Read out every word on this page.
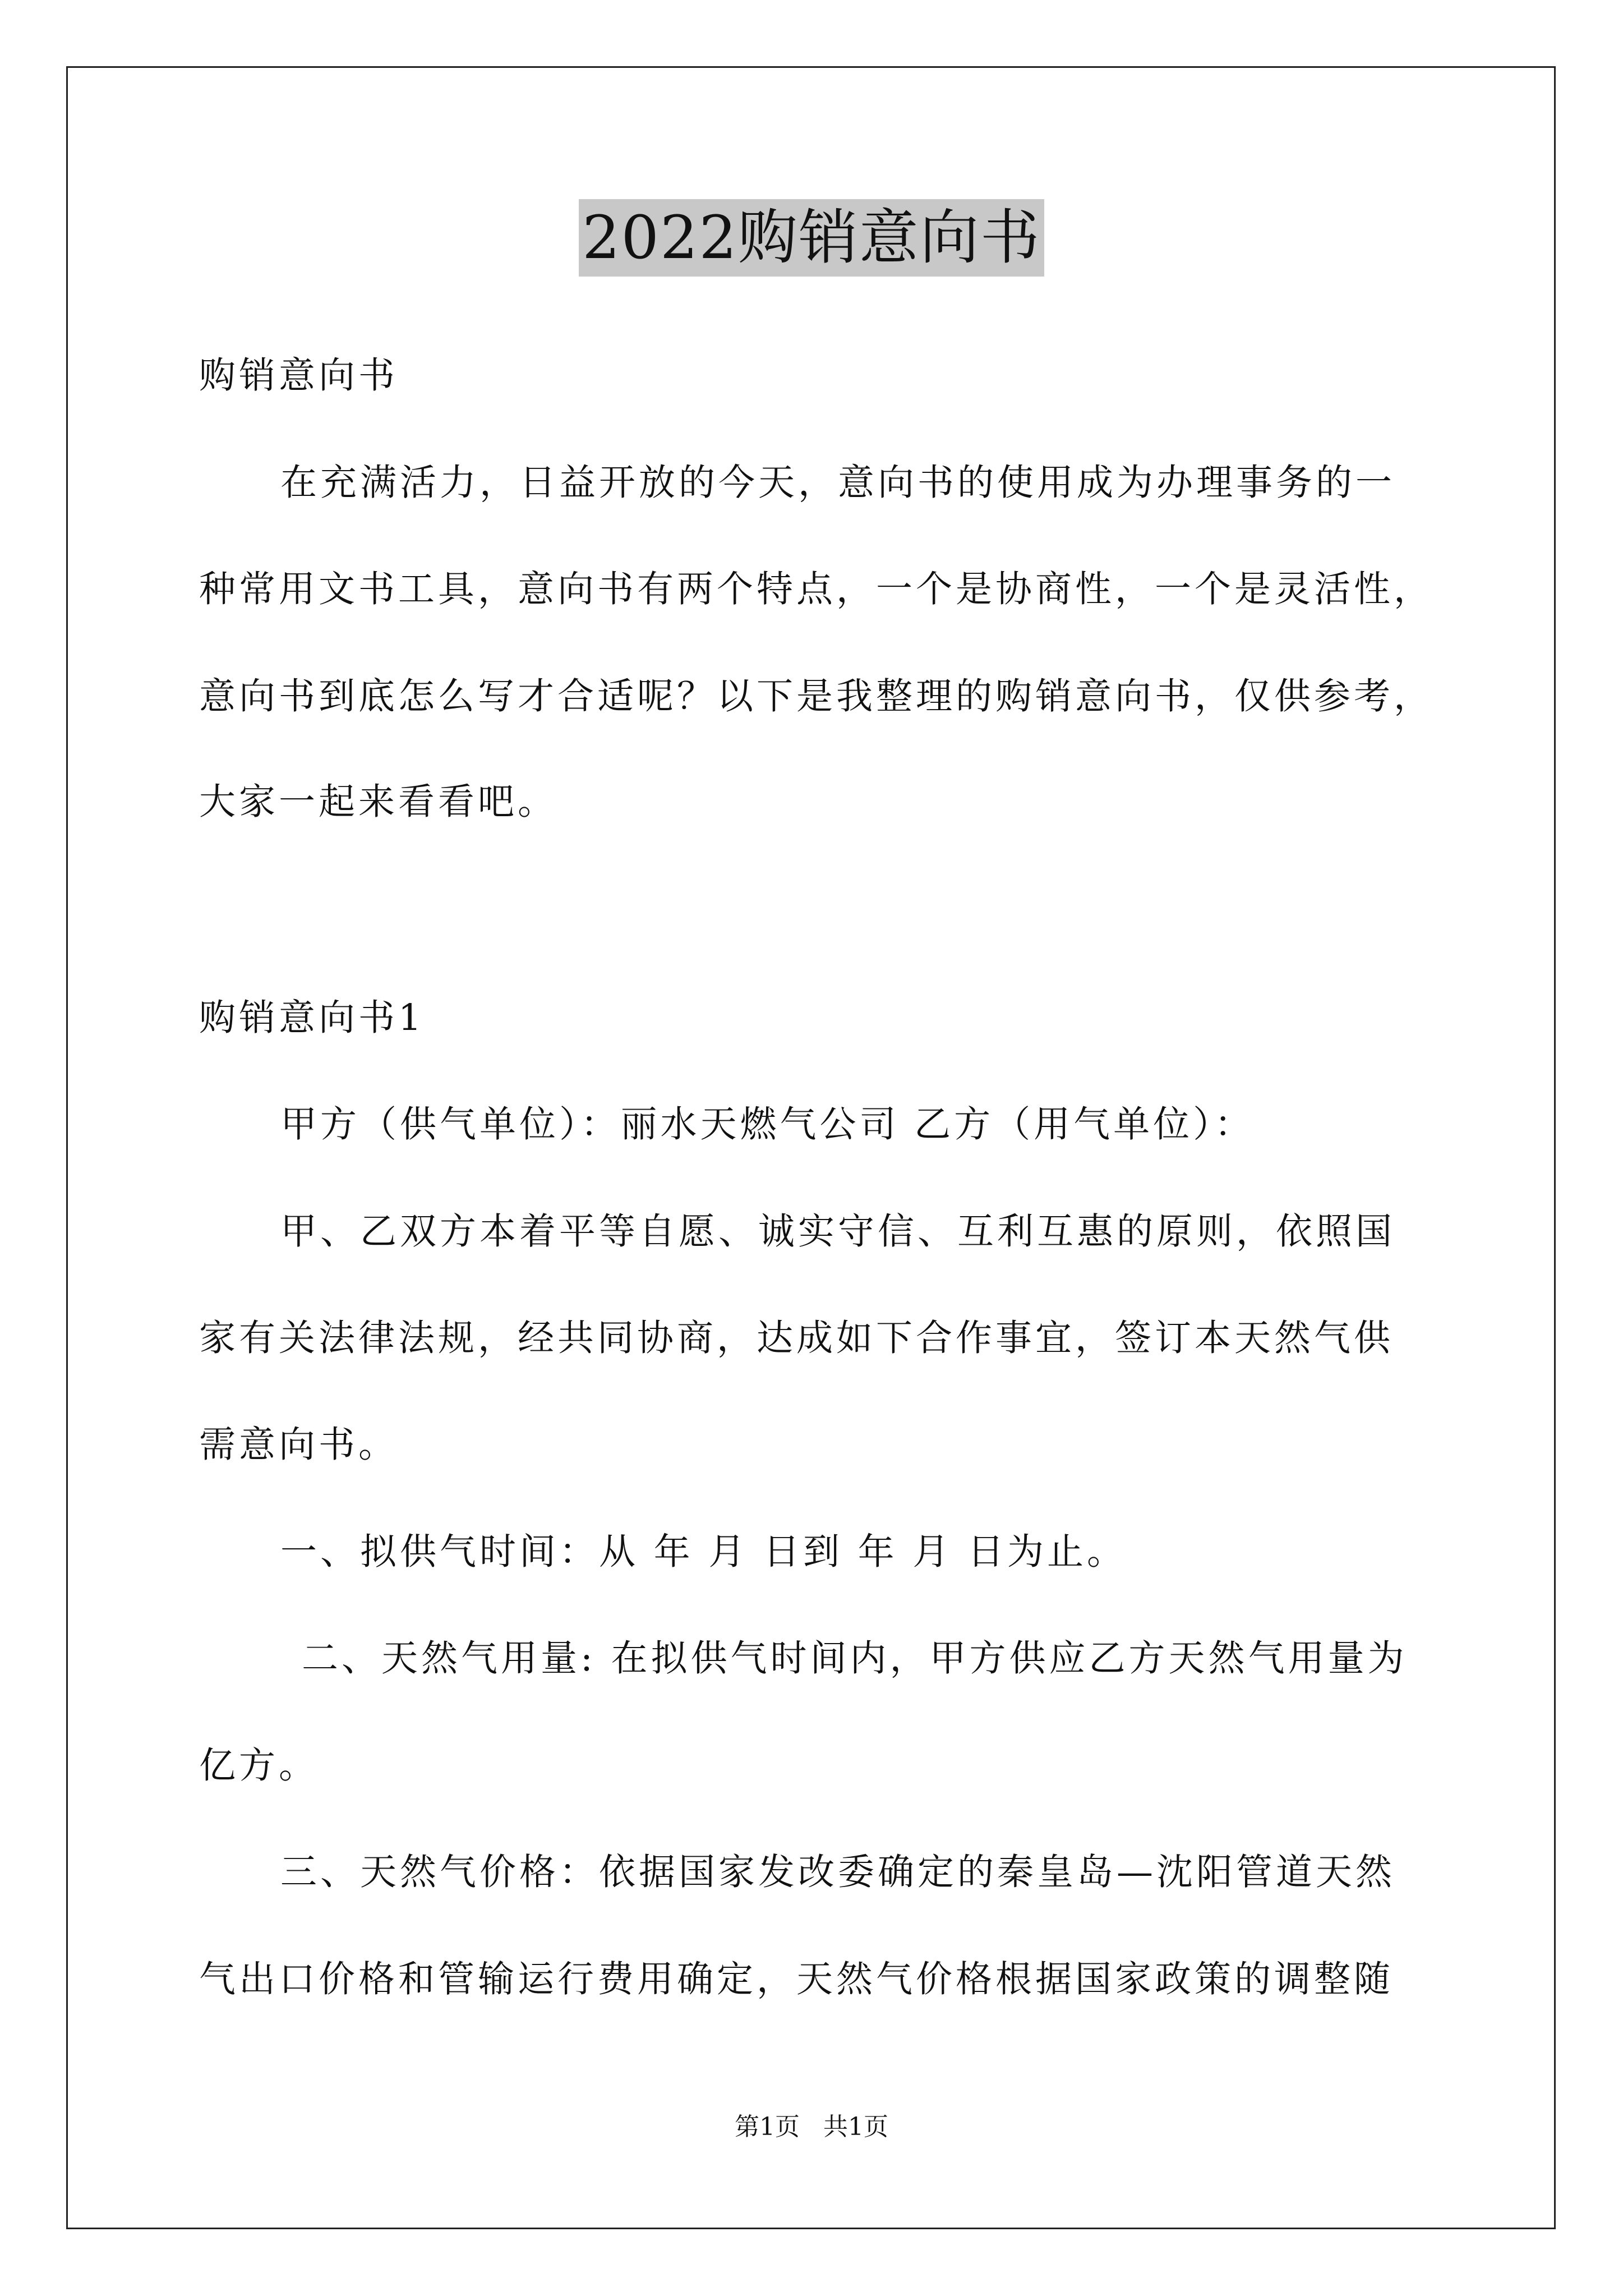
2022购销意向书
购销意向书
在充满活力，日益开放的今天，意向书的使用成为办理事务的一
种常用文书工具，意向书有两个特点，一个是协商性，一个是灵活性，
意向书到底怎么写才合适呢？以下是我整理的购销意向书，仅供参考，
大家一起来看看吧。
购销意向书1
甲方（供气单位）：丽水天燃气公司 乙方（用气单位）：
甲、乙双方本着平等自愿、诚实守信、互利互惠的原则，依照国
家有关法律法规，经共同协商，达成如下合作事宜，签订本天然气供
需意向书。
一、拟供气时间：从 年 月 日到 年 月 日为止。
二、天然气用量: 在拟供气时间内，甲方供应乙方天然气用量为
亿方。
三、天然气价格：依据国家发改委确定的秦皇岛—沈阳管道天然
气出口价格和管输运行费用确定，天然气价格根据国家政策的调整随
第1页 共1页
